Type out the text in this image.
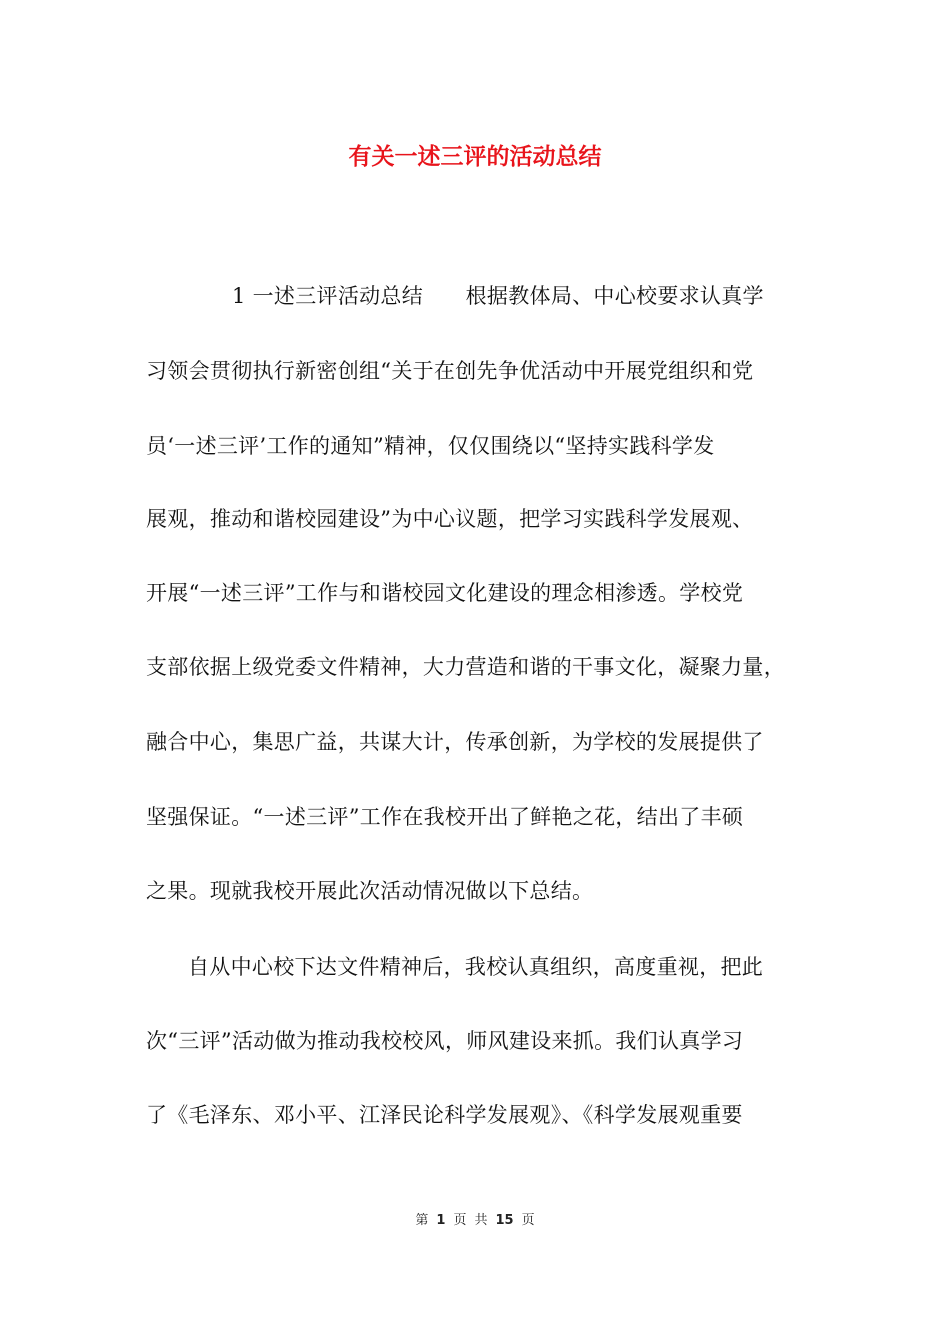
有关一述三评的活动总结
1 一述三评活动总结　　根据教体局、中心校要求认真学
习领会贯彻执行新密创组“关于在创先争优活动中开展党组织和党
员‘一述三评’工作的通知”精神，仅仅围绕以“坚持实践科学发
展观，推动和谐校园建设”为中心议题，把学习实践科学发展观、
开展“一述三评”工作与和谐校园文化建设的理念相渗透。学校党
支部依据上级党委文件精神，大力营造和谐的干事文化，凝聚力量，
融合中心，集思广益，共谋大计，传承创新，为学校的发展提供了
坚强保证。“一述三评”工作在我校开出了鲜艳之花，结出了丰硕
之果。现就我校开展此次活动情况做以下总结。
自从中心校下达文件精神后，我校认真组织，高度重视，把此
次“三评”活动做为推动我校校风，师风建设来抓。我们认真学习
了《毛泽东、邓小平、江泽民论科学发展观》、《科学发展观重要
第 1 页 共 15 页
